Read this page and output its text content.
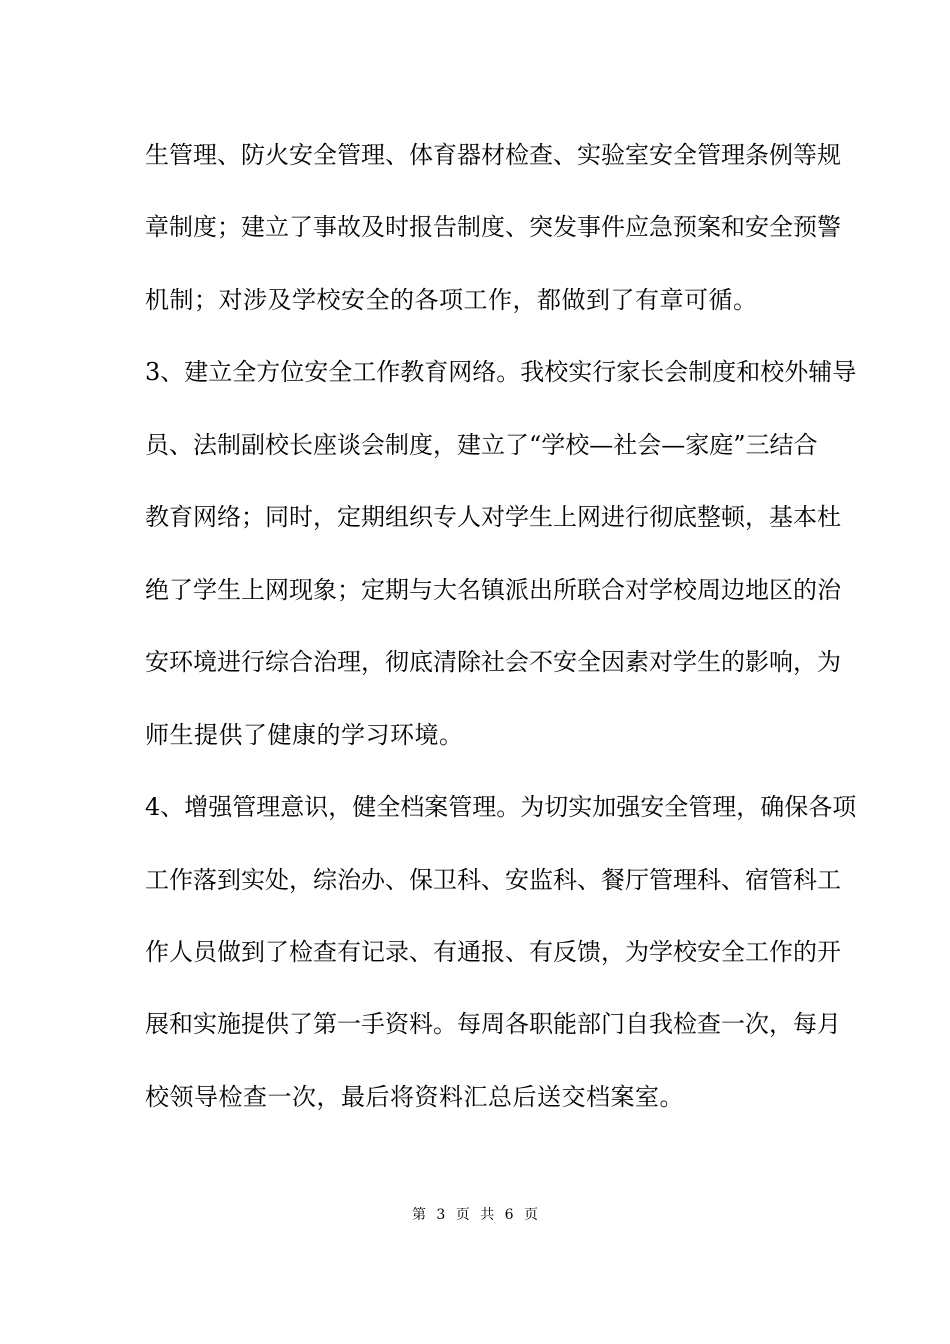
生管理、防火安全管理、体育器材检查、实验室安全管理条例等规
章制度；建立了事故及时报告制度、突发事件应急预案和安全预警
机制；对涉及学校安全的各项工作，都做到了有章可循。
3、建立全方位安全工作教育网络。我校实行家长会制度和校外辅导
员、法制副校长座谈会制度，建立了“学校—社会—家庭”三结合
教育网络；同时，定期组织专人对学生上网进行彻底整顿，基本杜
绝了学生上网现象；定期与大名镇派出所联合对学校周边地区的治
安环境进行综合治理，彻底清除社会不安全因素对学生的影响，为
师生提供了健康的学习环境。
4、增强管理意识，健全档案管理。为切实加强安全管理，确保各项
工作落到实处，综治办、保卫科、安监科、餐厅管理科、宿管科工
作人员做到了检查有记录、有通报、有反馈，为学校安全工作的开
展和实施提供了第一手资料。每周各职能部门自我检查一次，每月
校领导检查一次，最后将资料汇总后送交档案室。
第 3 页 共 6 页
